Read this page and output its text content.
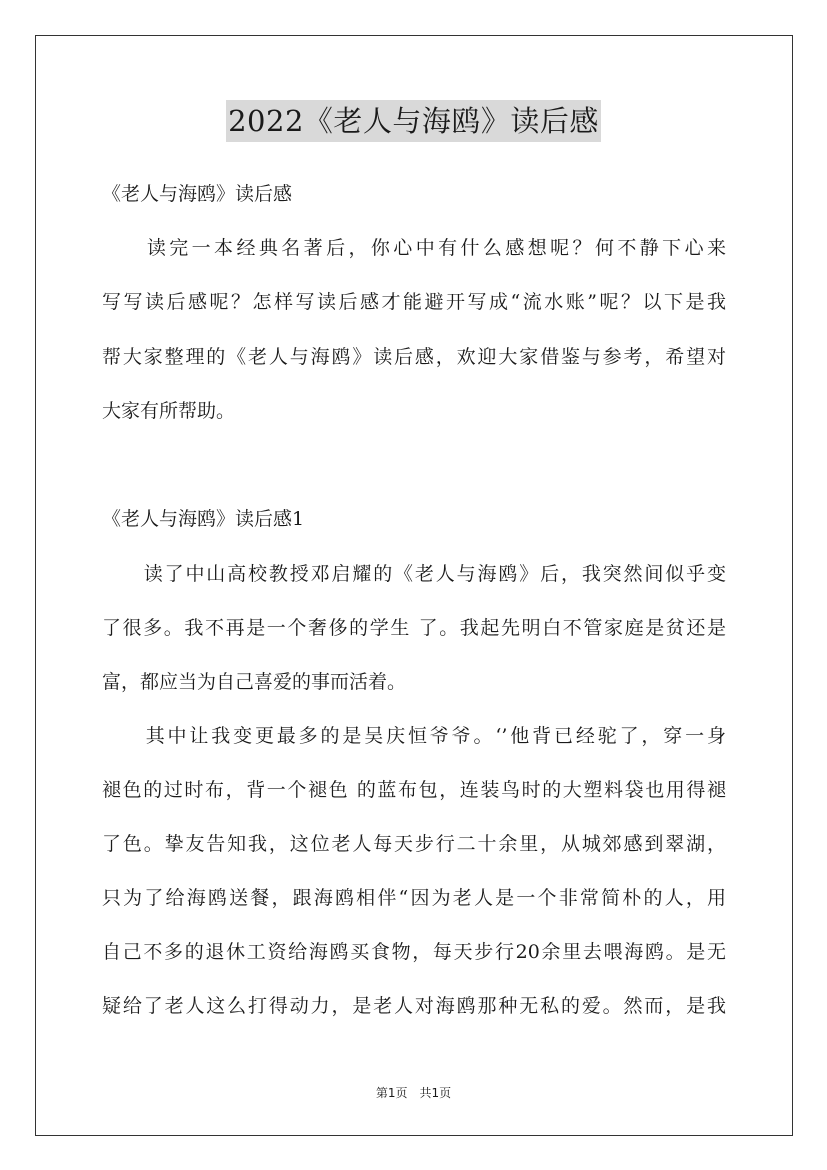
2022《老人与海鸥》读后感
《老人与海鸥》读后感
　　读完一本经典名著后，你心中有什么感想呢？何不静下心来
写写读后感呢？怎样写读后感才能避开写成“流水账”呢？以下是我
帮大家整理的《老人与海鸥》读后感，欢迎大家借鉴与参考，希望对
大家有所帮助。
《老人与海鸥》读后感1
　　读了中山高校教授邓启耀的《老人与海鸥》后，我突然间似乎变
了很多。我不再是一个奢侈的学生 了。我起先明白不管家庭是贫还是
富，都应当为自己喜爱的事而活着。
　　其中让我变更最多的是吴庆恒爷爷。‘’他背已经驼了，穿一身
褪色的过时布，背一个褪色 的蓝布包，连装鸟时的大塑料袋也用得褪
了色。挚友告知我，这位老人每天步行二十余里，从城郊感到翠湖，
只为了给海鸥送餐，跟海鸥相伴“因为老人是一个非常简朴的人，用
自己不多的退休工资给海鸥买食物，每天步行20余里去喂海鸥。是无
疑给了老人这么打得动力，是老人对海鸥那种无私的爱。然而，是我
第1页　共1页
